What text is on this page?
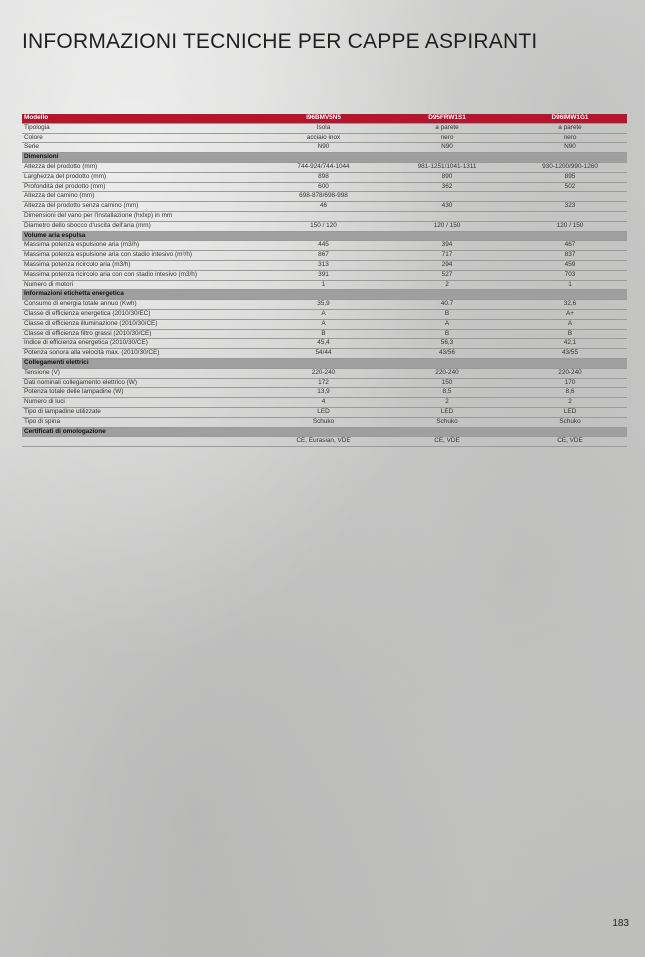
INFORMAZIONI TECNICHE PER CAPPE ASPIRANTI
Modello	I96BMV5N5	D95FRW1S1	D96IMW1G1
Tipologia	Isola	a parete	a parete
Colore	acciaio inox	nero	nero
Serie	N90	N90	N90
Dimensioni			
Altezza del prodotto (mm)	744-924/744-1044	981-1251/1041-1311	930-1200/990-1260
Larghezza del prodotto (mm)	898	890	895
Profondità del prodotto (mm)	600	362	502
Altezza del camino (mm)	698-878/698-998		
Altezza del prodotto senza camino (mm)	46	430	323
Dimensioni del vano per l'installazione (hxlxp) in mm			
Diametro dello sbocco d'uscita dell'aria (mm)	150 / 120	120 / 150	120 / 150
Volume aria espulsa			
Massima potenza espulsione aria (m3/h)	445	394	467
Massima potenza espulsione aria con stadio intesivo (m³/h)	867	717	837
Massima potenza ricircolo aria (m3/h)	313	294	459
Massima potenza ricircolo aria con con stadio intesivo (m3/h)	391	527	703
Numero di motori	1	2	1
Informazioni etichetta energetica			
Consumo di energia totale annuo (Kwh)	35,9	40.7	32,6
Classe di efficienza energetica (2010/30/EC)	A	B	A+
Classe di efficienza illuminazione (2010/30/CE)	A	A	A
Classe di efficienza filtro grassi (2010/30/CE)	B	B	B
Indice di efficienza energetica (2010/30/CE)	45,4	56,3	42,1
Potenza sonora alla velocità max. (2010/30/CE)	54/44	43/56	43/55
Collegamenti elettrici			
Tensione (V)	220-240	220-240	220-240
Dati nominali collegamento elettrico (W)	172	150	170
Potenza totale delle lampadine (W)	13,9	8,5	8,6
Numero di luci	4	2	2
Tipo di lampadine utilizzate	LED	LED	LED
Tipo di spina	Schuko	Schuko	Schuko
Certificati di omologazione			
	CE, Eurasian, VDE	CE, VDE	CE, VDE
183
